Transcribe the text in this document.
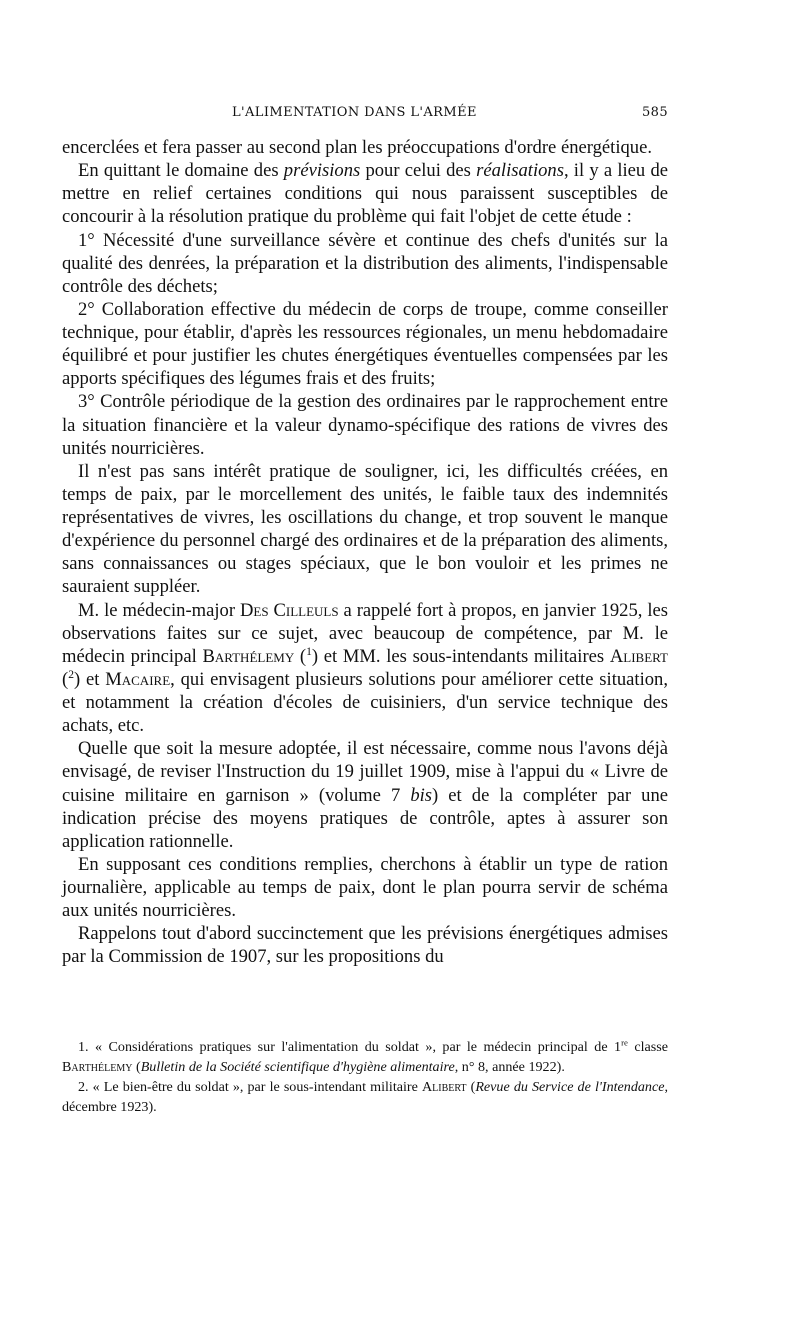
L'ALIMENTATION DANS L'ARMÉE	585

encerclées et fera passer au second plan les préoccupations d'ordre énergétique.

En quittant le domaine des prévisions pour celui des réalisations, il y a lieu de mettre en relief certaines conditions qui nous paraissent susceptibles de concourir à la résolution pratique du problème qui fait l'objet de cette étude :

1° Nécessité d'une surveillance sévère et continue des chefs d'unités sur la qualité des denrées, la préparation et la distribution des aliments, l'indispensable contrôle des déchets;

2° Collaboration effective du médecin de corps de troupe, comme conseiller technique, pour établir, d'après les ressources régionales, un menu hebdomadaire équilibré et pour justifier les chutes énergétiques éventuelles compensées par les apports spécifiques des légumes frais et des fruits;

3° Contrôle périodique de la gestion des ordinaires par le rapprochement entre la situation financière et la valeur dynamo-spécifique des rations de vivres des unités nourricières.

Il n'est pas sans intérêt pratique de souligner, ici, les difficultés créées, en temps de paix, par le morcellement des unités, le faible taux des indemnités représentatives de vivres, les oscillations du change, et trop souvent le manque d'expérience du personnel chargé des ordinaires et de la préparation des aliments, sans connaissances ou stages spéciaux, que le bon vouloir et les primes ne sauraient suppléer.

M. le médecin-major Des Cilleuls a rappelé fort à propos, en janvier 1925, les observations faites sur ce sujet, avec beaucoup de compétence, par M. le médecin principal Barthélemy ($^1$) et MM. les sous-intendants militaires Alibert ($^2$) et Macaire, qui envisagent plusieurs solutions pour améliorer cette situation, et notamment la création d'écoles de cuisiniers, d'un service technique des achats, etc.

Quelle que soit la mesure adoptée, il est nécessaire, comme nous l'avons déjà envisagé, de reviser l'Instruction du 19 juillet 1909, mise à l'appui du « Livre de cuisine militaire en garnison » (volume 7 bis) et de la compléter par une indication précise des moyens pratiques de contrôle, aptes à assurer son application rationnelle.

En supposant ces conditions remplies, cherchons à établir un type de ration journalière, applicable au temps de paix, dont le plan pourra servir de schéma aux unités nourricières.

Rappelons tout d'abord succinctement que les prévisions énergétiques admises par la Commission de 1907, sur les propositions du

1. « Considérations pratiques sur l'alimentation du soldat », par le médecin principal de 1re classe Barthélemy (Bulletin de la Société scientifique d'hygiène alimentaire, n° 8, année 1922).

2. « Le bien-être du soldat », par le sous-intendant militaire Alibert (Revue du Service de l'Intendance, décembre 1923).
